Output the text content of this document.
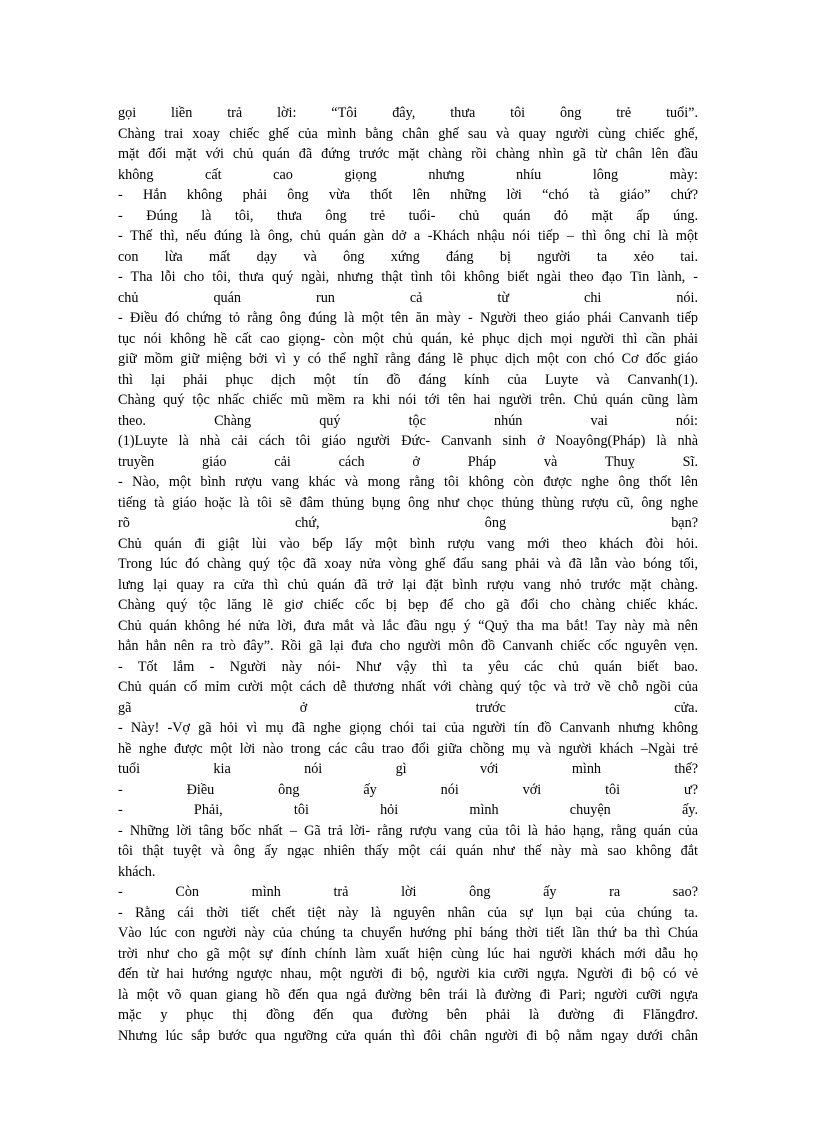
gọi liền trả lời: “Tôi đây, thưa tôi ông trẻ tuổi”.
Chàng trai xoay chiếc ghế của mình bằng chân ghế sau và quay người cùng chiếc ghế,
mặt đối mặt với chủ quán đã đứng trước mặt chàng rồi chàng nhìn gã từ chân lên đầu
không cất cao giọng nhưng nhíu lông mày:
- Hắn không phải ông vừa thốt lên những lời “chó tà giáo” chứ?
- Đúng là tôi, thưa ông trẻ tuổi- chủ quán đỏ mặt ấp úng.
- Thế thì, nếu đúng là ông, chủ quán gàn dở a -Khách nhậu nói tiếp – thì ông chỉ là một
con lừa mất dạy và ông xứng đáng bị người ta xẻo tai.
- Tha lỗi cho tôi, thưa quý ngài, nhưng thật tình tôi không biết ngài theo đạo Tin lành, -
chủ quán run cả từ chi nói.
- Điều đó chứng tỏ rằng ông đúng là một tên ăn mày - Người theo giáo phái Canvanh tiếp
tục nói không hề cất cao giọng- còn một chủ quán, kẻ phục dịch mọi người thì cần phải
giữ mồm giữ miệng bởi vì y có thể nghĩ rằng đáng lẽ phục dịch một con chó Cơ đốc giáo
thì lại phải phục dịch một tín đồ đáng kính của Luyte và Canvanh(1).
Chàng quý tộc nhấc chiếc mũ mềm ra khi nói tới tên hai người trên. Chủ quán cũng làm
theo. Chàng quý tộc nhún vai nói:
(1)Luyte là nhà cải cách tôi giáo người Đức- Canvanh sinh ở Noayông(Pháp) là nhà
truyền giáo cải cách ở Pháp và Thuỵ Sĩ.
- Nào, một bình rượu vang khác và mong rằng tôi không còn được nghe ông thốt lên
tiếng tà giáo hoặc là tôi sẽ đâm thủng bụng ông như chọc thủng thùng rượu cũ, ông nghe
rõ chứ, ông bạn?
Chủ quán đi giật lùi vào bếp lấy một bình rượu vang mới theo khách đòi hỏi.
Trong lúc đó chàng quý tộc đã xoay nửa vòng ghế đẩu sang phải và đã lẫn vào bóng tối,
lưng lại quay ra cửa thì chủ quán đã trở lại đặt bình rượu vang nhỏ trước mặt chàng.
Chàng quý tộc lăng lẽ giơ chiếc cốc bị bẹp để cho gã đổi cho chàng chiếc khác.
Chủ quán không hé nửa lời, đưa mắt và lắc đầu ngụ ý “Quỷ tha ma bắt! Tay này mà nên
hẳn hẳn nên ra trò đây”. Rồi gã lại đưa cho người môn đồ Canvanh chiếc cốc nguyên vẹn.
- Tốt lắm - Người này nói- Như vậy thì ta yêu các chủ quán biết bao.
Chủ quán cố mỉm cười một cách dễ thương nhất với chàng quý tộc và trở về chỗ ngồi của
gã ở trước cửa.
- Này! -Vợ gã hỏi vì mụ đã nghe giọng chói tai của người tín đồ Canvanh nhưng không
hề nghe được một lời nào trong các câu trao đổi giữa chồng mụ và người khách –Ngài trẻ
tuổi kia nói gì với mình thế?
- Điều ông ấy nói với tôi ư?
- Phải, tôi hỏi mình chuyện ấy.
- Những lời tâng bốc nhất – Gã trả lời- rằng rượu vang của tôi là hảo hạng, rằng quán của
tôi thật tuyệt và ông ấy ngạc nhiên thấy một cái quán như thế này mà sao không đắt
khách.
- Còn mình trả lời ông ấy ra sao?
- Rằng cái thời tiết chết tiệt này là nguyên nhân của sự lụn bại của chúng ta.
Vào lúc con người này của chúng ta chuyển hướng phỉ báng thời tiết lần thứ ba thì Chúa
trời như cho gã một sự đính chính làm xuất hiện cùng lúc hai người khách mới dẫu họ
đến từ hai hướng ngược nhau, một người đi bộ, người kia cưỡi ngựa. Người đi bộ có vẻ
là một võ quan giang hồ đến qua ngả đường bên trái là đường đi Pari; người cưỡi ngựa
mặc y phục thị đồng đến qua đường bên phải là đường đi Flăngđrơ.
Nhưng lúc sắp bước qua ngưỡng cửa quán thì đôi chân người đi bộ nằm ngay dưới chân
